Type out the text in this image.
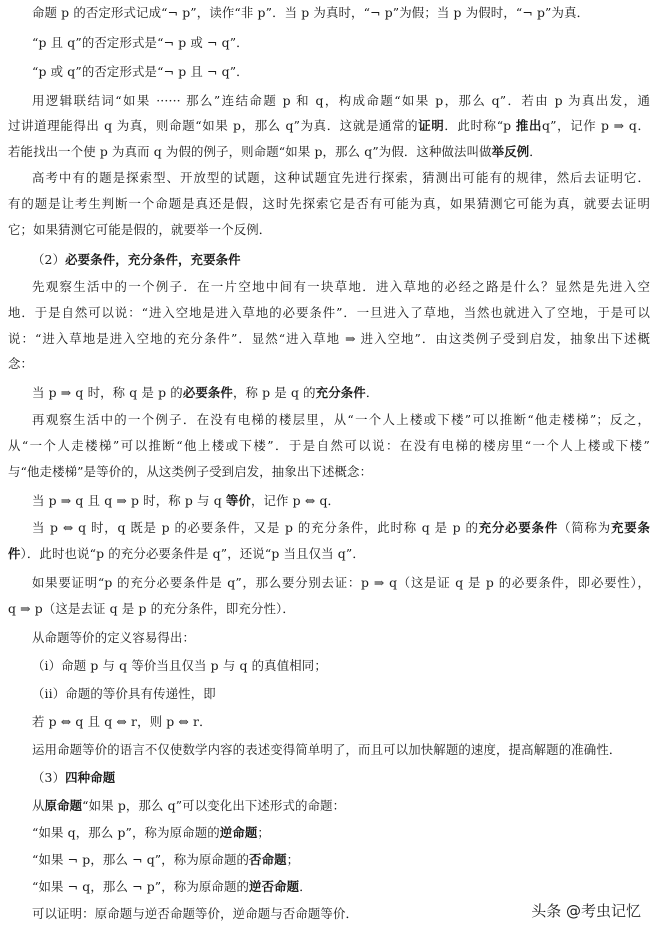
命题 p 的否定形式记成“¬ p”，读作“非 p”．当 p 为真时，“¬ p”为假；当 p 为假时，“¬ p”为真．
“p 且 q”的否定形式是“¬ p 或 ¬ q”．
“p 或 q”的否定形式是“¬ p 且 ¬ q”．
用逻辑联结词“如果 ······ 那么”连结命题 p 和 q，构成命题“如果 p，那么 q”．若由 p 为真出发，通
过讲道理能得出 q 为真，则命题“如果 p，那么 q”为真．这就是通常的证明．此时称“p 推出q”，记作 p ⇒ q．
若能找出一个使 p 为真而 q 为假的例子，则命题“如果 p，那么 q”为假．这种做法叫做举反例．
高考中有的题是探索型、开放型的试题，这种试题宜先进行探索，猜测出可能有的规律，然后去证明它．
有的题是让考生判断一个命题是真还是假，这时先探索它是否有可能为真，如果猜测它可能为真，就要去证明
它；如果猜测它可能是假的，就要举一个反例．
（2）必要条件，充分条件，充要条件
先观察生活中的一个例子．在一片空地中间有一块草地．进入草地的必经之路是什么？显然是先进入空
地．于是自然可以说：“进入空地是进入草地的必要条件”．一旦进入了草地，当然也就进入了空地，于是可以
说：“进入草地是进入空地的充分条件”．显然“进入草地 ⇒ 进入空地”．由这类例子受到启发，抽象出下述概
念：
当 p ⇒ q 时，称 q 是 p 的必要条件，称 p 是 q 的充分条件．
再观察生活中的一个例子．在没有电梯的楼层里，从“一个人上楼或下楼”可以推断“他走楼梯”；反之，
从“一个人走楼梯”可以推断“他上楼或下楼”．于是自然可以说：在没有电梯的楼房里“一个人上楼或下楼”
与“他走楼梯”是等价的，从这类例子受到启发，抽象出下述概念：
当 p ⇒ q 且 q ⇒ p 时，称 p 与 q 等价，记作 p ⇔ q．
当 p ⇔ q 时，q 既是 p 的必要条件，又是 p 的充分条件，此时称 q 是 p 的充分必要条件（简称为充要条
件）．此时也说“p 的充分必要条件是 q”，还说“p 当且仅当 q”．
如果要证明“p 的充分必要条件是 q”，那么要分别去证：p ⇒ q（这是证 q 是 p 的必要条件，即必要性），
q ⇒ p（这是去证 q 是 p 的充分条件，即充分性）．
从命题等价的定义容易得出：
（i）命题 p 与 q 等价当且仅当 p 与 q 的真值相同；
（ii）命题的等价具有传递性，即
若 p ⇔ q 且 q ⇔ r，则 p ⇔ r．
运用命题等价的语言不仅使数学内容的表述变得简单明了，而且可以加快解题的速度，提高解题的准确性．
（3）四种命题
从原命题“如果 p，那么 q”可以变化出下述形式的命题：
“如果 q，那么 p”，称为原命题的逆命题；
“如果 ¬ p，那么 ¬ q”，称为原命题的否命题；
“如果 ¬ q，那么 ¬ p”，称为原命题的逆否命题．
可以证明：原命题与逆否命题等价，逆命题与否命题等价．	头条 @考虫记忆
